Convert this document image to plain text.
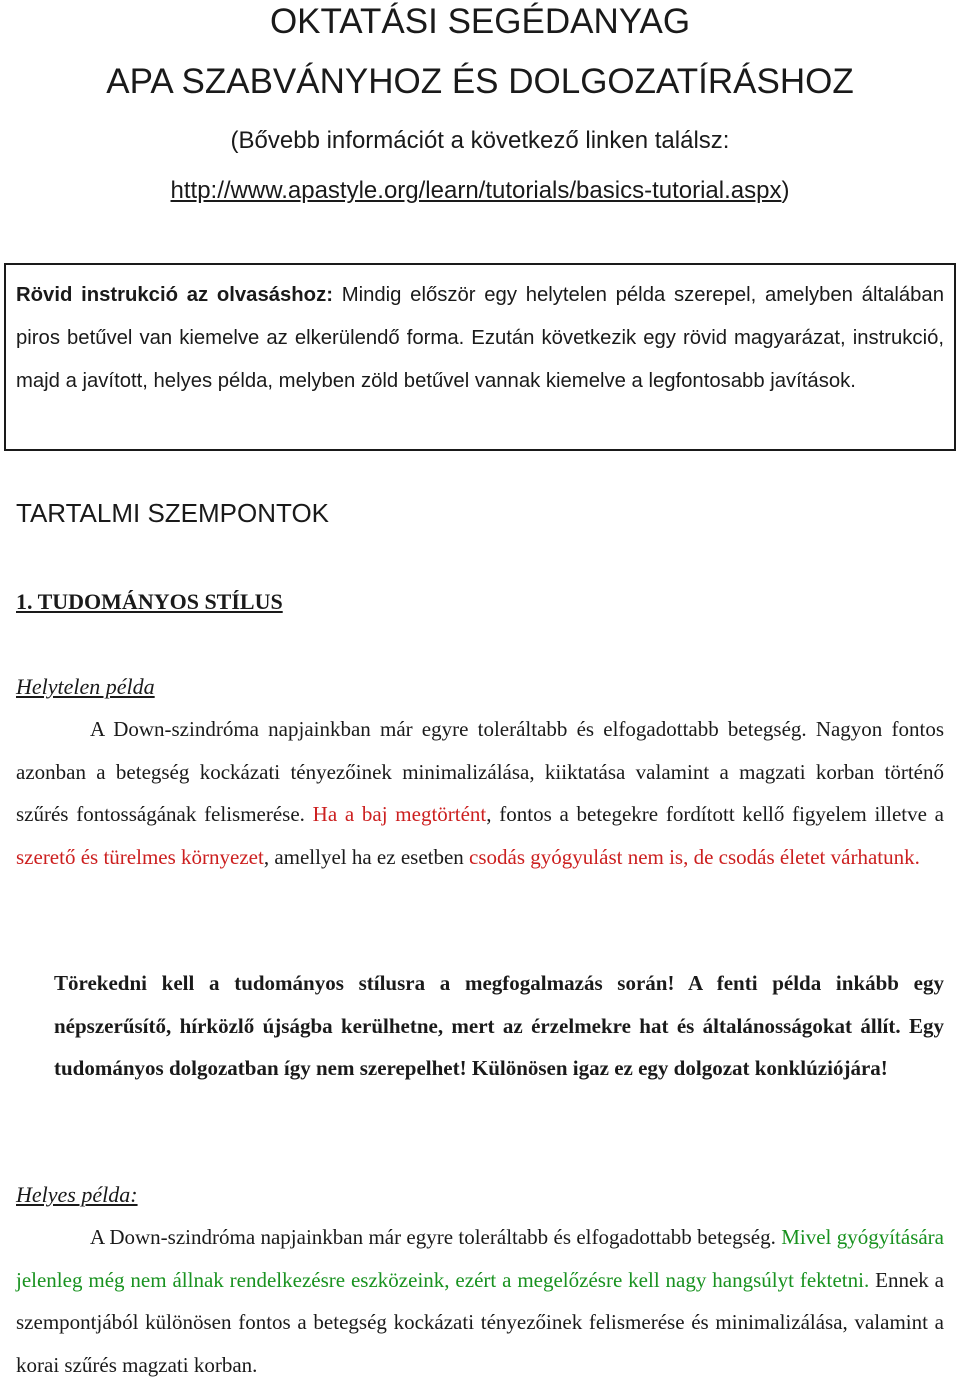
OKTATÁSI SEGÉDANYAG
APA SZABVÁNYHOZ ÉS DOLGOZATÍRÁSHOZ
(Bővebb információt a következő linken találsz:
http://www.apastyle.org/learn/tutorials/basics-tutorial.aspx)
Rövid instrukció az olvasáshoz: Mindig először egy helytelen példa szerepel, amelyben általában piros betűvel van kiemelve az elkerülendő forma. Ezután következik egy rövid magyarázat, instrukció, majd a javított, helyes példa, melyben zöld betűvel vannak kiemelve a legfontosabb javítások.
TARTALMI SZEMPONTOK
1. TUDOMÁNYOS STÍLUS
Helytelen példa
A Down-szindróma napjainkban már egyre toleráltabb és elfogadottabb betegség. Nagyon fontos azonban a betegség kockázati tényezőinek minimalizálása, kiiktatása valamint a magzati korban történő szűrés fontosságának felismerése. Ha a baj megtörtént, fontos a betegekre fordított kellő figyelem illetve a szerető és türelmes környezet, amellyel ha ez esetben csodás gyógyulást nem is, de csodás életet várhatunk.
Törekedni kell a tudományos stílusra a megfogalmazás során! A fenti példa inkább egy népszerűsítő, hírközlő újságba kerülhetne, mert az érzelmekre hat és általánosságokat állít. Egy tudományos dolgozatban így nem szerepelhet! Különösen igaz ez egy dolgozat konklúziójára!
Helyes példa:
A Down-szindróma napjainkban már egyre toleráltabb és elfogadottabb betegség. Mivel gyógyítására jelenleg még nem állnak rendelkezésre eszközeink, ezért a megelőzésre kell nagy hangsúlyt fektetni. Ennek a szempontjából különösen fontos a betegség kockázati tényezőinek felismerése és minimalizálása, valamint a korai szűrés magzati korban.
